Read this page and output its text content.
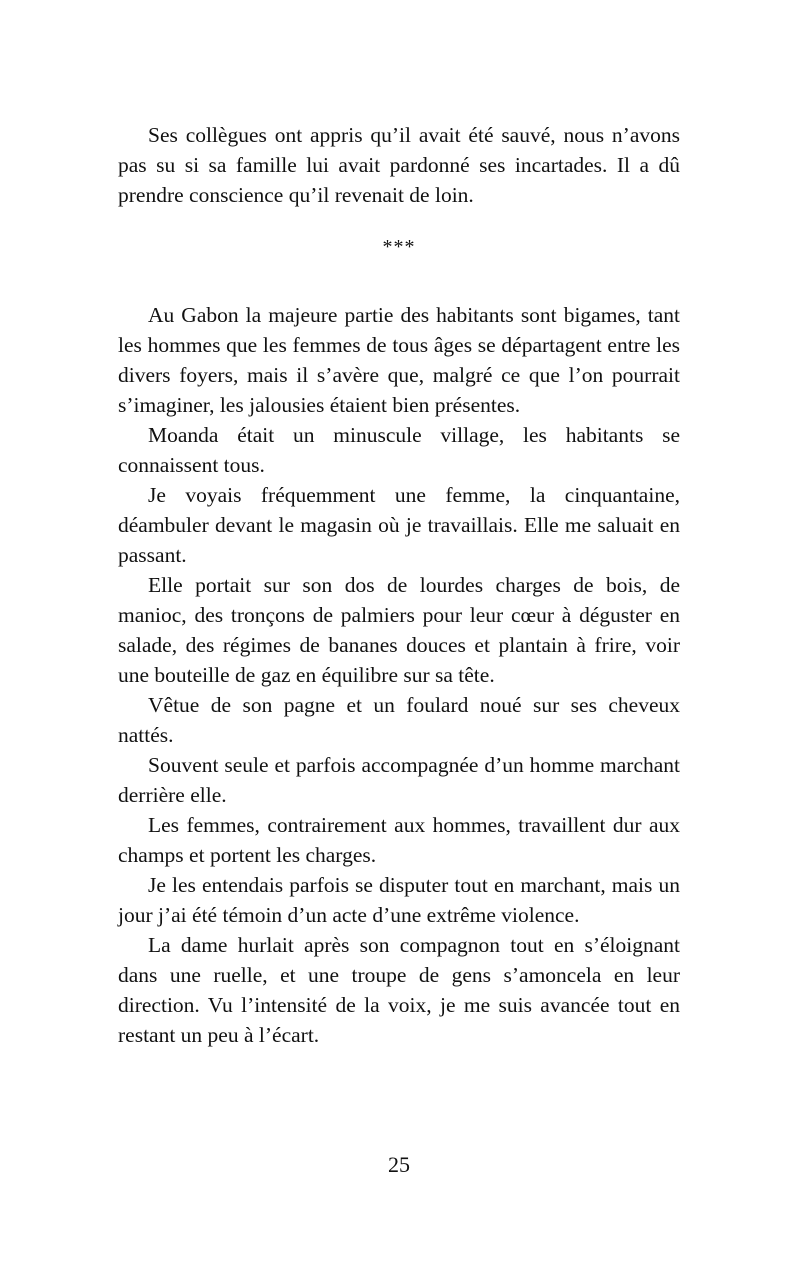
Ses collègues ont appris qu’il avait été sauvé, nous n’avons pas su si sa famille lui avait pardonné ses incartades. Il a dû prendre conscience qu’il revenait de loin.

***

Au Gabon la majeure partie des habitants sont bigames, tant les hommes que les femmes de tous âges se départagent entre les divers foyers, mais il s’avère que, malgré ce que l’on pourrait s’imaginer, les jalousies étaient bien présentes.

Moanda était un minuscule village, les habitants se connaissent tous.

Je voyais fréquemment une femme, la cinquantaine, déambuler devant le magasin où je travaillais. Elle me saluait en passant.

Elle portait sur son dos de lourdes charges de bois, de manioc, des tronçons de palmiers pour leur cœur à déguster en salade, des régimes de bananes douces et plantain à frire, voir une bouteille de gaz en équilibre sur sa tête.

Vêtue de son pagne et un foulard noué sur ses cheveux nattés.

Souvent seule et parfois accompagnée d’un homme marchant derrière elle.

Les femmes, contrairement aux hommes, travaillent dur aux champs et portent les charges.

Je les entendais parfois se disputer tout en marchant, mais un jour j’ai été témoin d’un acte d’une extrême violence.

La dame hurlait après son compagnon tout en s’éloignant dans une ruelle, et une troupe de gens s’amoncela en leur direction. Vu l’intensité de la voix, je me suis avancée tout en restant un peu à l’écart.

25
